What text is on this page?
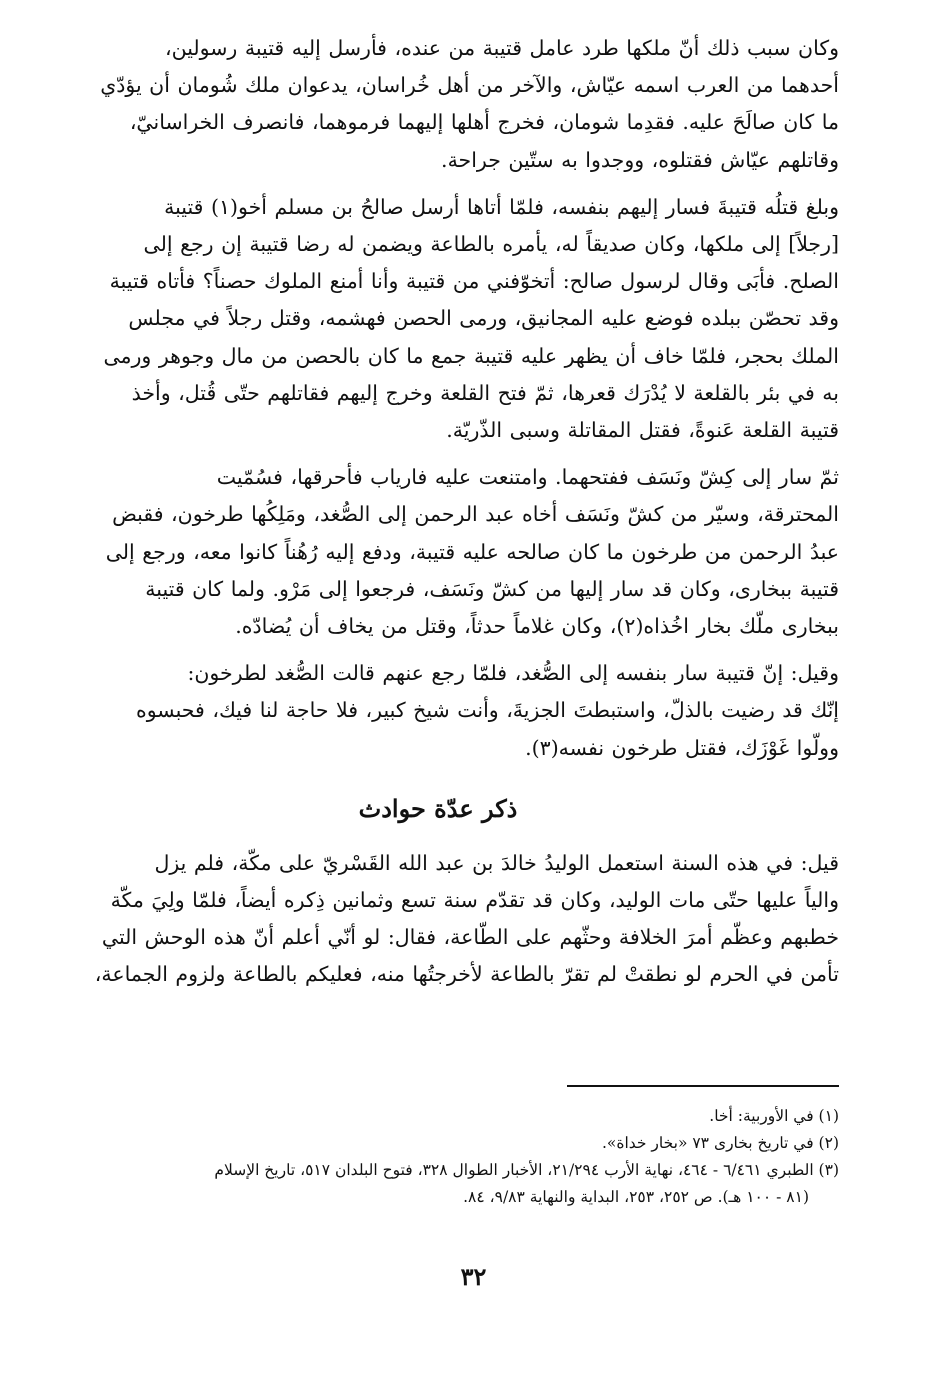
وكان سبب ذلك أنّ ملكها طرد عامل قتيبة من عنده، فأرسل إليه قتيبة رسولين،
أحدهما من العرب اسمه عيّاش، والآخر من أهل خُراسان، يدعوان ملك شُومان أن يؤدّي
ما كان صالَحَ عليه. فقدِما شومان، فخرج أهلها إليهما فرموهما، فانصرف الخراسانيّ،
وقاتلهم عيّاش فقتلوه، ووجدوا به ستّين جراحة.

وبلغ قتلُه قتيبةَ فسار إليهم بنفسه، فلمّا أتاها أرسل صالحُ بن مسلم أخو(١) قتيبة
[رجلاً] إلى ملكها، وكان صديقاً له، يأمره بالطاعة ويضمن له رضا قتيبة إن رجع إلى
الصلح. فأبَى وقال لرسول صالح: أتخوّفني من قتيبة وأنا أمنع الملوك حصناً؟ فأتاه قتيبة
وقد تحصّن ببلده فوضع عليه المجانيق، ورمى الحصن فهشمه، وقتل رجلاً في مجلس
الملك بحجر، فلمّا خاف أن يظهر عليه قتيبة جمع ما كان بالحصن من مال وجوهر ورمى
به في بئر بالقلعة لا يُدْرَك قعرها، ثمّ فتح القلعة وخرج إليهم فقاتلهم حتّى قُتل، وأخذ
قتيبة القلعة عَنوةً، فقتل المقاتلة وسبى الذّريّة.

ثمّ سار إلى كِشّ ونَسَف ففتحهما. وامتنعت عليه فارياب فأحرقها، فسُمّيت
المحترقة، وسيّر من كشّ ونَسَف أخاه عبد الرحمن إلى الصُّغد، ومَلِكُها طرخون، فقبض
عبدُ الرحمن من طرخون ما كان صالحه عليه قتيبة، ودفع إليه رُهُناً كانوا معه، ورجع إلى
قتيبة ببخارى، وكان قد سار إليها من كشّ ونَسَف، فرجعوا إلى مَرْو. ولما كان قتيبة
ببخارى ملّك بخار اخُذاه(٢)، وكان غلاماً حدثاً، وقتل من يخاف أن يُضادّه.

وقيل: إنّ قتيبة سار بنفسه إلى الصُّغد، فلمّا رجع عنهم قالت الصُّغد لطرخون:
إنّك قد رضيت بالذلّ، واستبطتَ الجزيةَ، وأنت شيخ كبير، فلا حاجة لنا فيك، فحبسوه
وولّوا غَوْزَك، فقتل طرخون نفسه(٣).

ذكر عدّة حوادث

قيل: في هذه السنة استعمل الوليدُ خالدَ بن عبد الله القَسْريّ على مكّة، فلم يزل
والياً عليها حتّى مات الوليد، وكان قد تقدّم سنة تسع وثمانين ذِكره أيضاً، فلمّا ولِيَ مكّة
خطبهم وعظّم أمرَ الخلافة وحثّهم على الطّاعة، فقال: لو أنّي أعلم أنّ هذه الوحش التي
تأمن في الحرم لو نطقتْ لم تقرّ بالطاعة لأخرجتُها منه، فعليكم بالطاعة ولزوم الجماعة،

(١) في الأوربية: أخا.
(٢) في تاريخ بخارى ٧٣ «بخار خداة».
(٣) الطبري ٦/٤٦١ - ٤٦٤، نهاية الأرب ٢١/٢٩٤، الأخبار الطوال ٣٢٨، فتوح البلدان ٥١٧، تاريخ الإسلام
(٨١ - ١٠٠ هـ). ص ٢٥٢، ٢٥٣، البداية والنهاية ٩/٨٣، ٨٤.
٣٢
